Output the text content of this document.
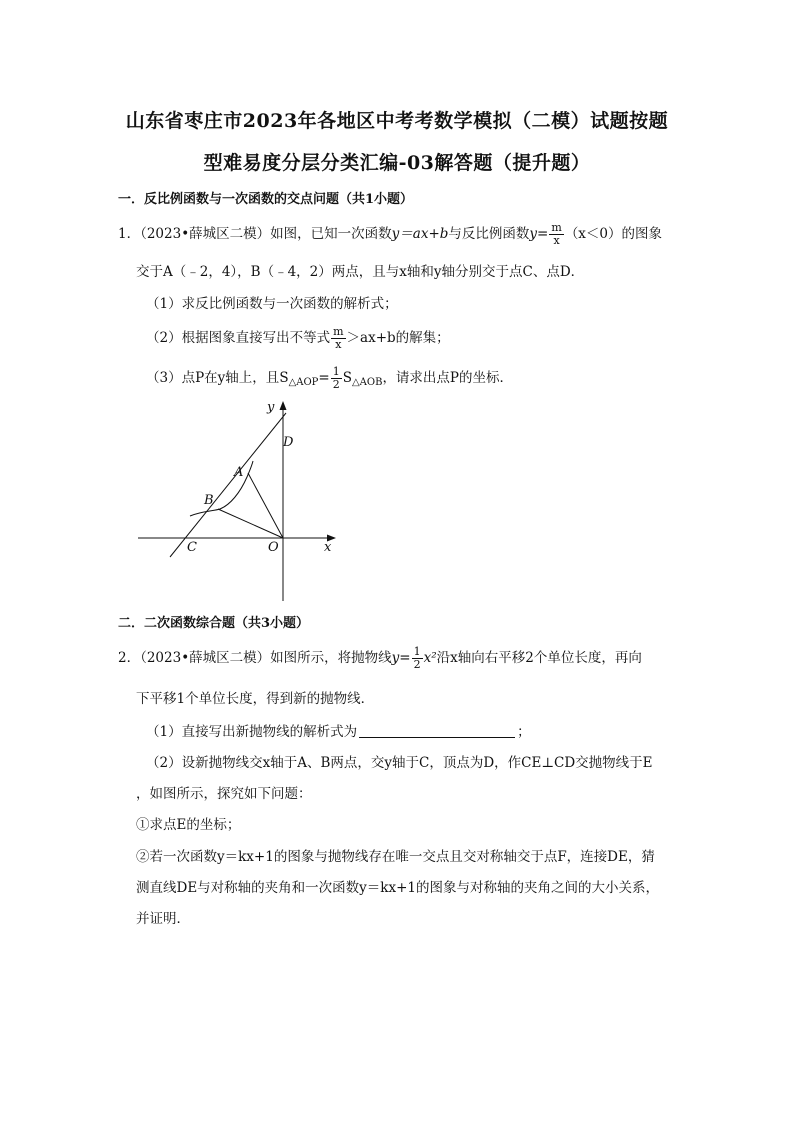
山东省枣庄市2023年各地区中考考数学模拟（二模）试题按题
型难易度分层分类汇编-03解答题（提升题）
一．反比例函数与一次函数的交点问题（共1小题）
1．（2023•薛城区二模）如图，已知一次函数y＝ax+b与反比例函数$y= \frac{m}{x} (x<0)$的图象
交于A（﹣2，4），B（﹣4，2）两点，且与x轴和y轴分别交于点C、点D．
（1）求反比例函数与一次函数的解析式；
（2）根据图象直接写出不等式 $\frac{m}{x} >ax+b$的解集；
（3）点P在y轴上，且$S_{\triangle AOP}= \frac{1}{2} S_{\triangle AOB}$，请求出点P的坐标．
y
D
A
B
C	O	x
二．二次函数综合题（共3小题）
2．（2023•薛城区二模）如图所示，将抛物线$y= \frac{1}{2} x^2$沿x轴向右平移2个单位长度，再向
下平移1个单位长度，得到新的抛物线．
（1）直接写出新抛物线的解析式为	；
（2）设新抛物线交x轴于A、B两点，交y轴于C，顶点为D，作CE⊥CD交抛物线于E
，如图所示，探究如下问题：
①求点E的坐标；
②若一次函数y＝kx+1的图象与抛物线存在唯一交点且交对称轴交于点F，连接DE，猜
测直线DE与对称轴的夹角和一次函数y＝kx+1的图象与对称轴的夹角之间的大小关系，
并证明．
